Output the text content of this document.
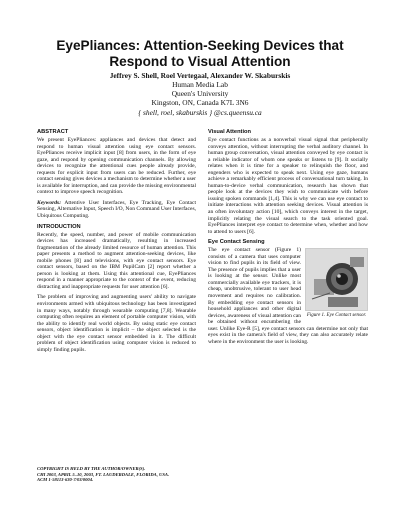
EyePliances: Attention-Seeking Devices that
Respond to Visual Attention
Jeffrey S. Shell, Roel Vertegaal, Alexander W. Skaburskis
Human Media Lab
Queen's University
Kingston, ON, Canada K7L 3N6
{ shell, roel, skaburskis } @cs.queensu.ca
ABSTRACT

We present EyePliances: appliances and devices that detect and respond to human visual attention using eye contact sensors. EyePliances receive implicit input [8] from users, in the form of eye gaze, and respond by opening communication channels. By allowing devices to recognize the attentional cues people already provide, requests for explicit input from users can be reduced. Further, eye contact sensing gives devices a mechanism to determine whether a user is available for interruption, and can provide the missing environmental context to improve speech recognition.

Keywords: Attentive User Interfaces, Eye Tracking, Eye Contact Sensing, Alternative Input, Speech I/O, Non Command User Interfaces, Ubiquitous Computing.

INTRODUCTION

Recently, the speed, number, and power of mobile communication devices has increased dramatically, resulting in increased fragmentation of the already limited resource of human attention. This paper presents a method to augment attention-seeking devices, like mobile phones [8] and televisions, with eye contact sensors. Eye contact sensors, based on the IBM PupilCam [2] report whether a person is looking at them. Using this attentional cue, EyePliances respond in a manner appropriate to the context of the event, reducing distracting and inappropriate requests for user attention [6].

The problem of improving and augmenting users' ability to navigate environments armed with ubiquitous technology has been investigated in many ways, notably through wearable computing [7,8]. Wearable computing often requires an element of portable computer vision, with the ability to identify real world objects. By using static eye contact sensors, object identification is implicit – the object selected is the object with the eye contact sensor embedded in it. The difficult problem of object identification using computer vision is reduced to simply finding pupils.

COPYRIGHT IS HELD BY THE AUTHOR/OWNER(S).
CHI 2003, APRIL 5–10, 2003, FT. LAUDERDALE, FLORIDA, USA.
ACM 1-58113-630-7/03/0004.
Visual Attention

Eye contact functions as a nonverbal visual signal that peripherally conveys attention, without interrupting the verbal auditory channel. In human group conversation, visual attention conveyed by eye contact is a reliable indicator of whom one speaks or listens to [9]. It socially relates when it is time for a speaker to relinquish the floor, and engenders who is expected to speak next. Using eye gaze, humans achieve a remarkably efficient process of conversational turn taking. In human-to-device verbal communication, research has shown that people look at the devices they wish to communicate with before issuing spoken commands [1,4]. This is why we can use eye contact to initiate interactions with attention seeking devices. Visual attention is an often involuntary action [10], which conveys interest in the target, implicitly relating the visual search to the task oriented goal. EyePliances interpret eye contact to determine when, whether and how to attend to users [6].

Eye Contact Sensing
Figure 1. Eye Contact sensor.

The eye contact sensor (Figure 1) consists of a camera that uses computer vision to find pupils in its field of view. The presence of pupils implies that a user is looking at the sensor. Unlike most commercially available eye trackers, it is cheap, unobtrusive, tolerant to user head movement and requires no calibration. By embedding eye contact sensors in household appliances and other digital devices, awareness of visual attention can be obtained without encumbering the user. Unlike Eye-R [5], eye contact sensors can determine not only that eyes exist in the camera's field of view, they can also accurately relate where in the environment the user is looking.
